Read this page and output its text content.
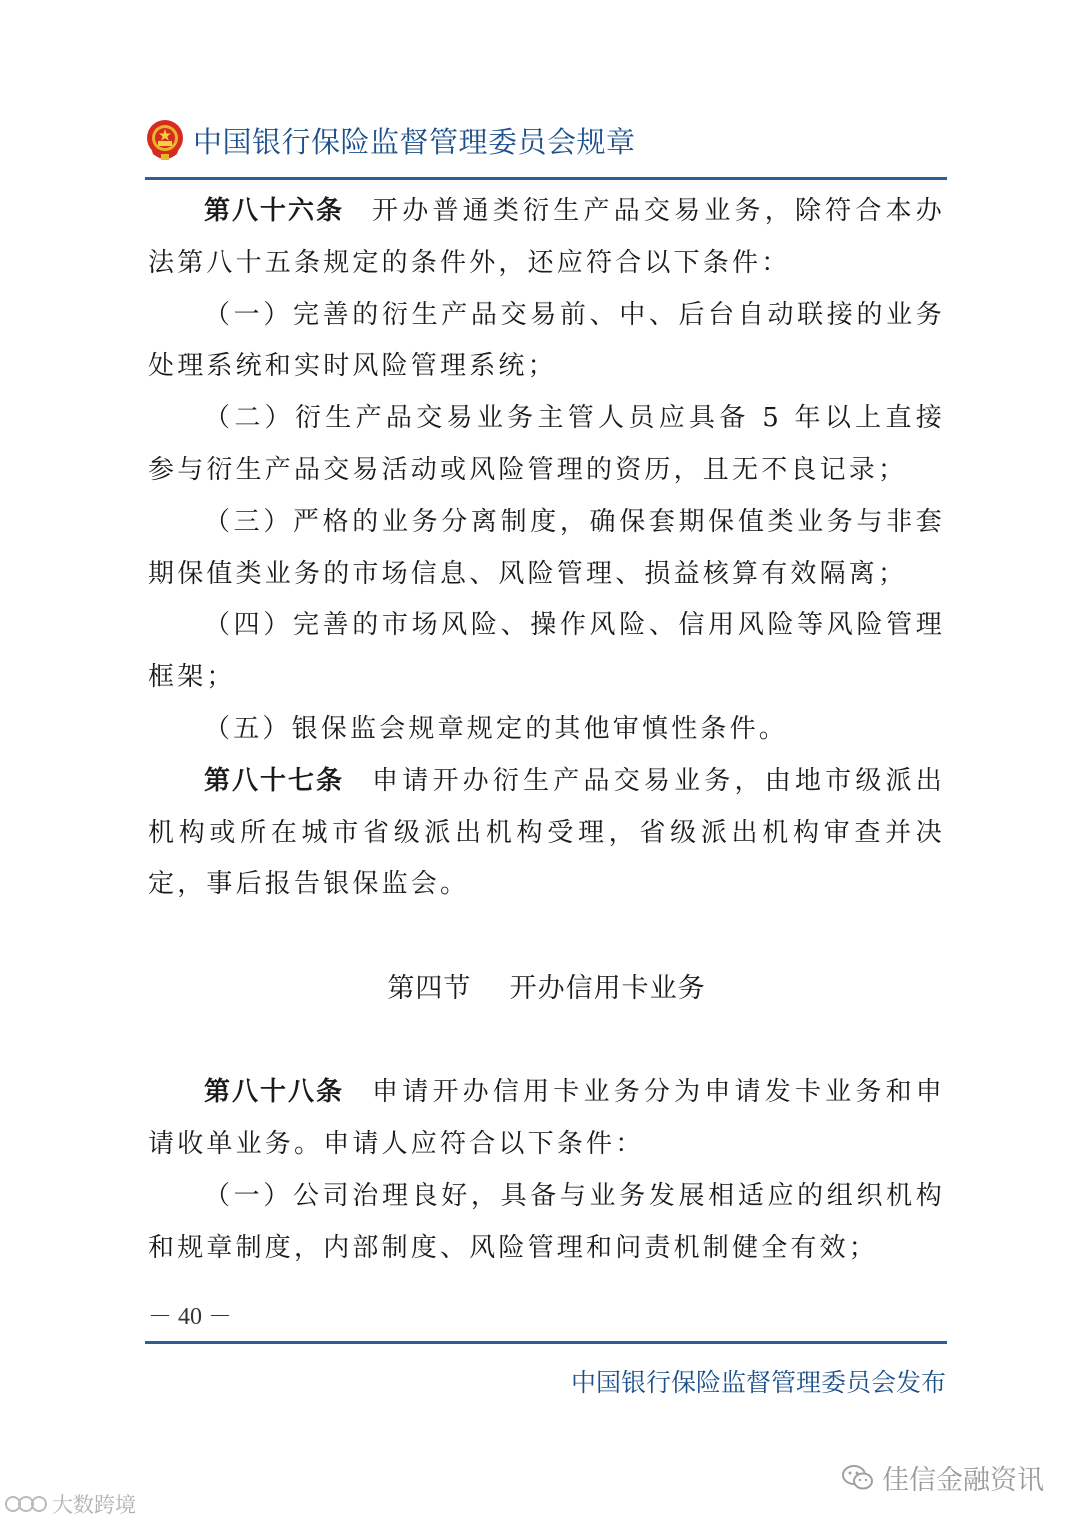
中国银行保险监督管理委员会规章

第八十六条 开办普通类衍生产品交易业务，除符合本办法第八十五条规定的条件外，还应符合以下条件：

（一）完善的衍生产品交易前、中、后台自动联接的业务处理系统和实时风险管理系统；

（二）衍生产品交易业务主管人员应具备 5 年以上直接参与衍生产品交易活动或风险管理的资历，且无不良记录；

（三）严格的业务分离制度，确保套期保值类业务与非套期保值类业务的市场信息、风险管理、损益核算有效隔离；

（四）完善的市场风险、操作风险、信用风险等风险管理框架；

（五）银保监会规章规定的其他审慎性条件。

第八十七条 申请开办衍生产品交易业务，由地市级派出机构或所在城市省级派出机构受理，省级派出机构审查并决定，事后报告银保监会。

第四节    开办信用卡业务

第八十八条 申请开办信用卡业务分为申请发卡业务和申请收单业务。申请人应符合以下条件：

（一）公司治理良好，具备与业务发展相适应的组织机构和规章制度，内部制度、风险管理和问责机制健全有效；

－ 40 －
中国银行保险监督管理委员会发布
佳信金融资讯
大数跨境
